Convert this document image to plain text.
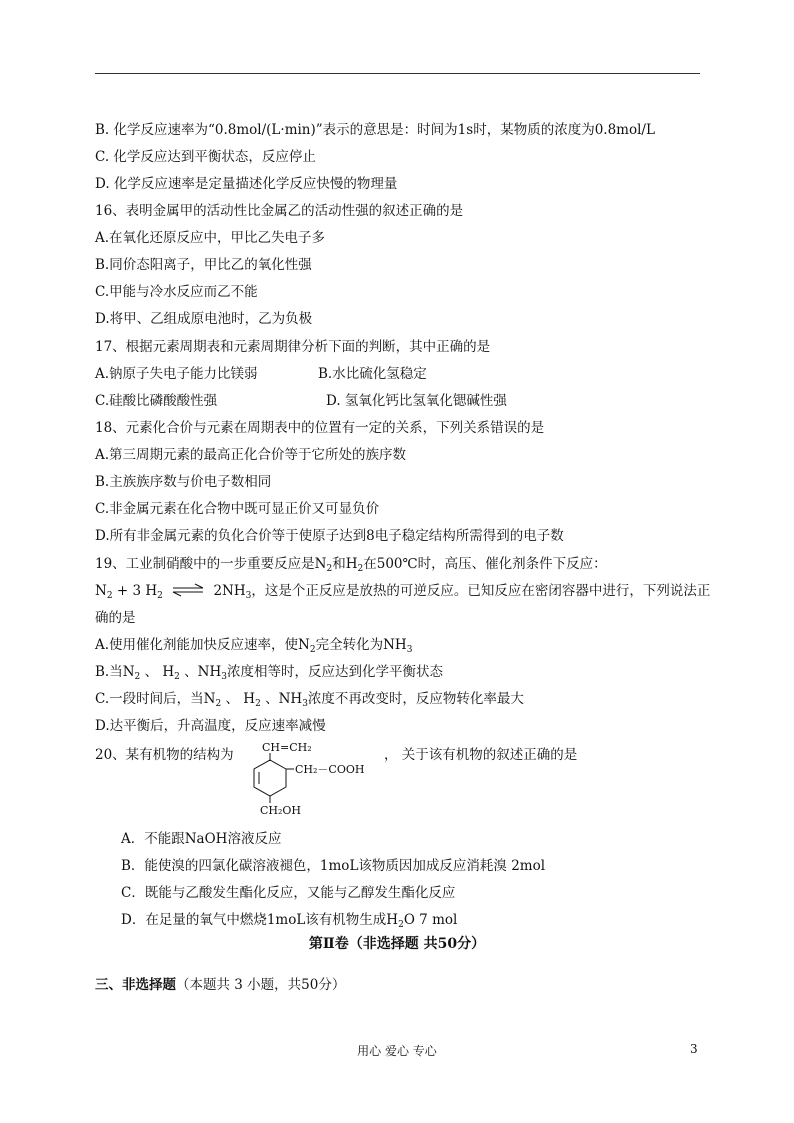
B. 化学反应速率为“0.8mol/(L·min)”表示的意思是：时间为1s时，某物质的浓度为0.8mol/L
C. 化学反应达到平衡状态，反应停止
D. 化学反应速率是定量描述化学反应快慢的物理量
16、表明金属甲的活动性比金属乙的活动性强的叙述正确的是
A.在氧化还原反应中，甲比乙失电子多
B.同价态阳离子，甲比乙的氧化性强
C.甲能与冷水反应而乙不能
D.将甲、乙组成原电池时，乙为负极
17、根据元素周期表和元素周期律分析下面的判断，其中正确的是
A.钠原子失电子能力比镁弱	B.水比硫化氢稳定
C.硅酸比磷酸酸性强	D. 氢氧化钙比氢氧化锶碱性强
18、元素化合价与元素在周期表中的位置有一定的关系，下列关系错误的是
A.第三周期元素的最高正化合价等于它所处的族序数
B.主族族序数与价电子数相同
C.非金属元素在化合物中既可显正价又可显负价
D.所有非金属元素的负化合价等于使原子达到8电子稳定结构所需得到的电子数
19、工业制硝酸中的一步重要反应是$N_2$和$H_2$在500℃时，高压、催化剂条件下反应：
$N_2 + 3$ $H_2$ ⇌ $2NH_3$，这是个正反应是放热的可逆反应。已知反应在密闭容器中进行，下列说法正
确的是
A.使用催化剂能加快反应速率，使$N_2$完全转化为$NH_3$
B.当$N_2$ 、 $H_2$ 、$NH_3$浓度相等时，反应达到化学平衡状态
C.一段时间后，当$N_2$ 、 $H_2$ 、$NH_3$浓度不再改变时，反应物转化率最大
D.达平衡后，升高温度，反应速率减慢
20、某有机物的结构为	CH=CH₂
CH₂－COOH
CH₂OH
， 关于该有机物的叙述正确的是
A．不能跟NaOH溶液反应
B．能使溴的四氯化碳溶液褪色，1moL该物质因加成反应消耗溴 2mol
C．既能与乙酸发生酯化反应，又能与乙醇发生酯化反应
D．在足量的氧气中燃烧1moL该有机物生成$H_2O$ 7 mol
第Ⅱ卷（非选择题 共50分）
三、非选择题（本题共 3 小题，共50分）
用心 爱心 专心	3
